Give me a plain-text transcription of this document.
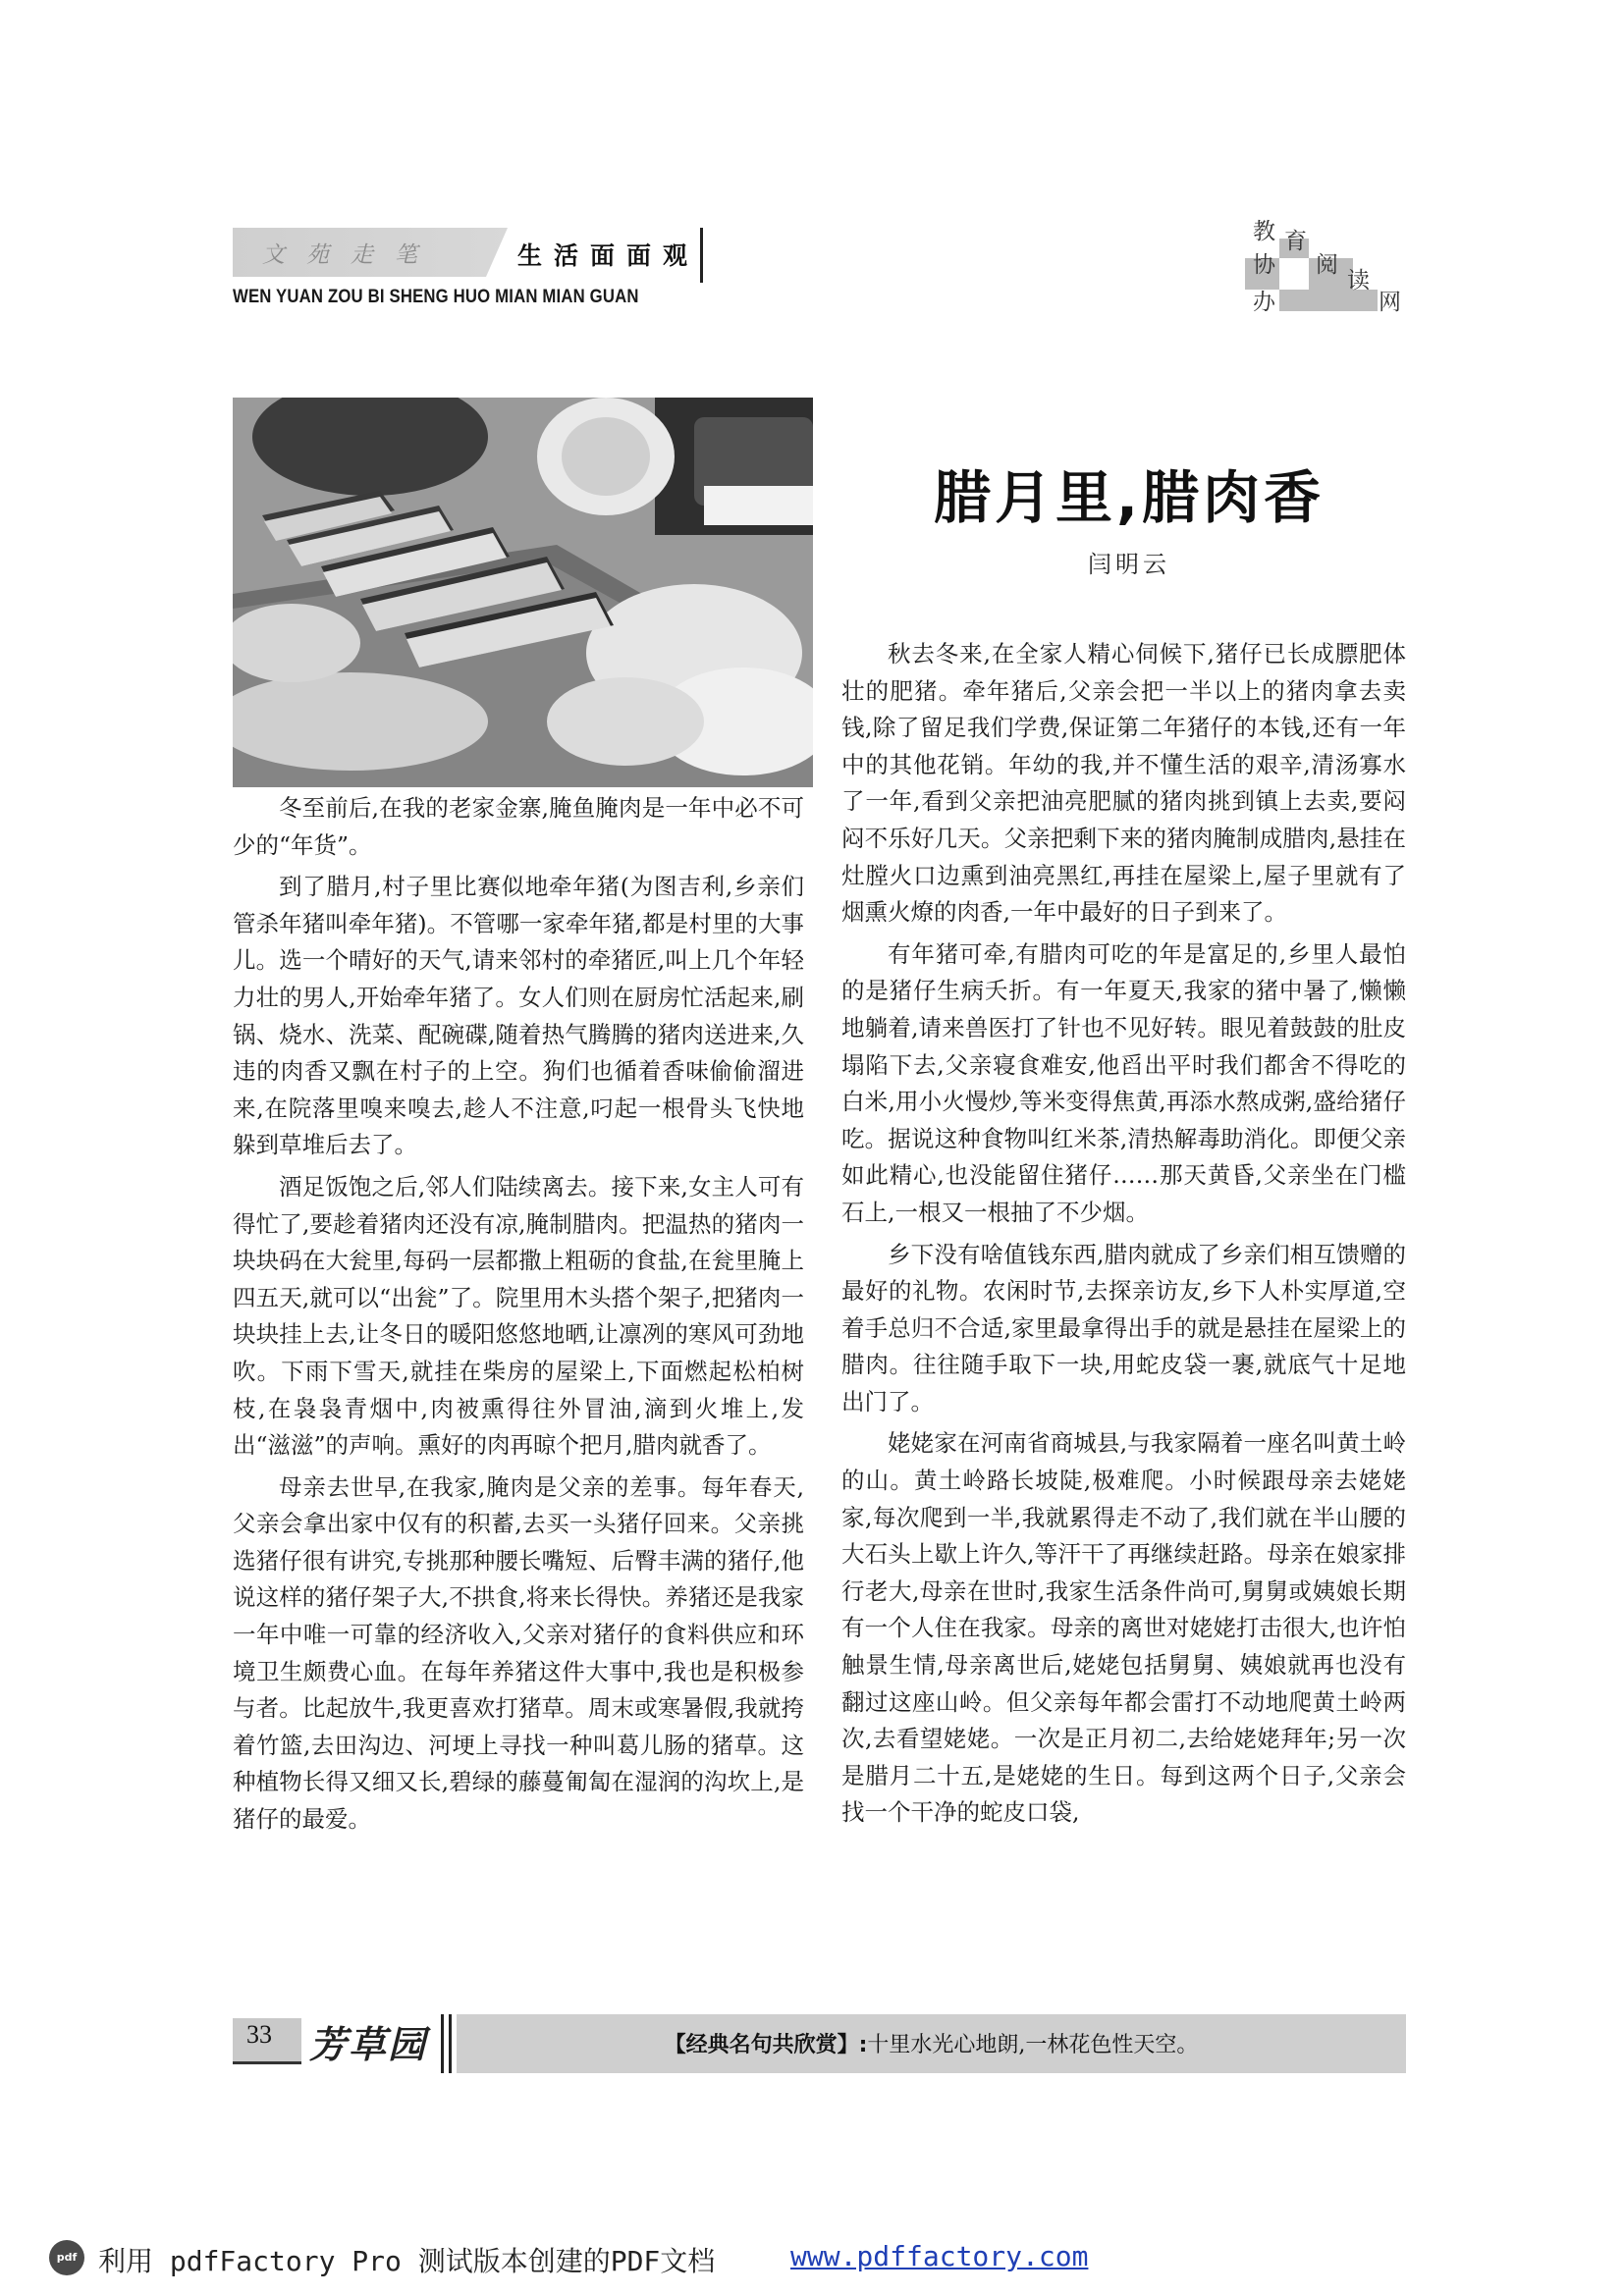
文苑走笔	生活面面观
WEN YUAN ZOU BI SHENG HUO MIAN MIAN GUAN
教 育
协 阅
读
办	网
腊月里,腊肉香
闫明云

冬至前后,在我的老家金寨,腌鱼腌肉是一年中必不可少的“年货”。

到了腊月,村子里比赛似地牵年猪(为图吉利,乡亲们管杀年猪叫牵年猪)。不管哪一家牵年猪,都是村里的大事儿。选一个晴好的天气,请来邻村的牵猪匠,叫上几个年轻力壮的男人,开始牵年猪了。女人们则在厨房忙活起来,刷锅、烧水、洗菜、配碗碟,随着热气腾腾的猪肉送进来,久违的肉香又飘在村子的上空。狗们也循着香味偷偷溜进来,在院落里嗅来嗅去,趁人不注意,叼起一根骨头飞快地躲到草堆后去了。

酒足饭饱之后,邻人们陆续离去。接下来,女主人可有得忙了,要趁着猪肉还没有凉,腌制腊肉。把温热的猪肉一块块码在大瓮里,每码一层都撒上粗砺的食盐,在瓮里腌上四五天,就可以“出瓮”了。院里用木头搭个架子,把猪肉一块块挂上去,让冬日的暖阳悠悠地晒,让凛冽的寒风可劲地吹。下雨下雪天,就挂在柴房的屋梁上,下面燃起松柏树枝,在袅袅青烟中,肉被熏得往外冒油,滴到火堆上,发出“滋滋”的声响。熏好的肉再晾个把月,腊肉就香了。

母亲去世早,在我家,腌肉是父亲的差事。每年春天,父亲会拿出家中仅有的积蓄,去买一头猪仔回来。父亲挑选猪仔很有讲究,专挑那种腰长嘴短、后臀丰满的猪仔,他说这样的猪仔架子大,不拱食,将来长得快。养猪还是我家一年中唯一可靠的经济收入,父亲对猪仔的食料供应和环境卫生颇费心血。在每年养猪这件大事中,我也是积极参与者。比起放牛,我更喜欢打猪草。周末或寒暑假,我就挎着竹篮,去田沟边、河埂上寻找一种叫葛儿肠的猪草。这种植物长得又细又长,碧绿的藤蔓匍匐在湿润的沟坎上,是猪仔的最爱。

秋去冬来,在全家人精心伺候下,猪仔已长成膘肥体壮的肥猪。牵年猪后,父亲会把一半以上的猪肉拿去卖钱,除了留足我们学费,保证第二年猪仔的本钱,还有一年中的其他花销。年幼的我,并不懂生活的艰辛,清汤寡水了一年,看到父亲把油亮肥腻的猪肉挑到镇上去卖,要闷闷不乐好几天。父亲把剩下来的猪肉腌制成腊肉,悬挂在灶膛火口边熏到油亮黑红,再挂在屋梁上,屋子里就有了烟熏火燎的肉香,一年中最好的日子到来了。

有年猪可牵,有腊肉可吃的年是富足的,乡里人最怕的是猪仔生病夭折。有一年夏天,我家的猪中暑了,懒懒地躺着,请来兽医打了针也不见好转。眼见着鼓鼓的肚皮塌陷下去,父亲寝食难安,他舀出平时我们都舍不得吃的白米,用小火慢炒,等米变得焦黄,再添水熬成粥,盛给猪仔吃。据说这种食物叫红米茶,清热解毒助消化。即便父亲如此精心,也没能留住猪仔……那天黄昏,父亲坐在门槛石上,一根又一根抽了不少烟。

乡下没有啥值钱东西,腊肉就成了乡亲们相互馈赠的最好的礼物。农闲时节,去探亲访友,乡下人朴实厚道,空着手总归不合适,家里最拿得出手的就是悬挂在屋梁上的腊肉。往往随手取下一块,用蛇皮袋一裹,就底气十足地出门了。

姥姥家在河南省商城县,与我家隔着一座名叫黄土岭的山。黄土岭路长坡陡,极难爬。小时候跟母亲去姥姥家,每次爬到一半,我就累得走不动了,我们就在半山腰的大石头上歇上许久,等汗干了再继续赶路。母亲在娘家排行老大,母亲在世时,我家生活条件尚可,舅舅或姨娘长期有一个人住在我家。母亲的离世对姥姥打击很大,也许怕触景生情,母亲离世后,姥姥包括舅舅、姨娘就再也没有翻过这座山岭。但父亲每年都会雷打不动地爬黄土岭两次,去看望姥姥。一次是正月初二,去给姥姥拜年;另一次是腊月二十五,是姥姥的生日。每到这两个日子,父亲会找一个干净的蛇皮口袋,

33 芳草园	【经典名句共欣赏】:十里水光心地朗,一林花色性天空。
pdf 利用 pdfFactory Pro 测试版本创建的PDF文档	www.pdffactory.com
